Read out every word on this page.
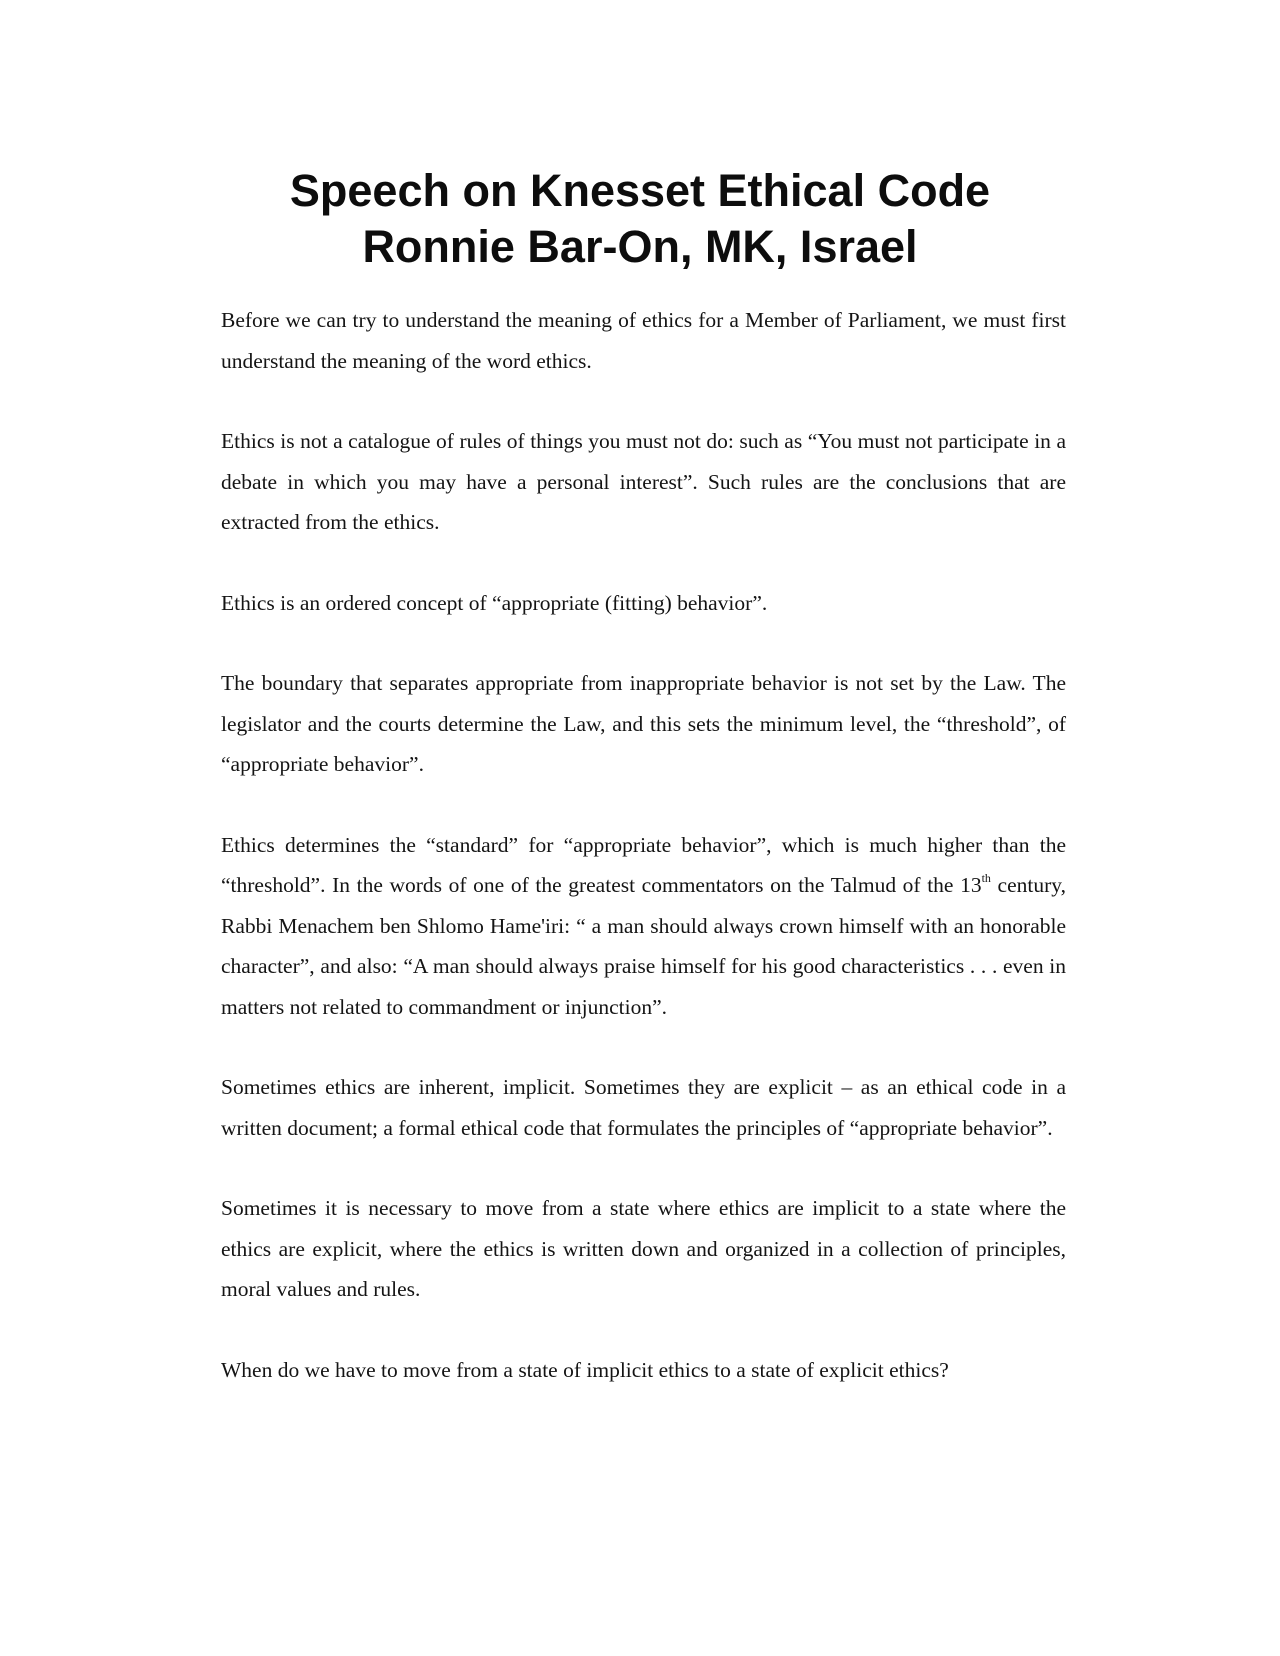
Speech on Knesset Ethical Code
Ronnie Bar-On, MK, Israel

Before we can try to understand the meaning of ethics for a Member of Parliament, we must first understand the meaning of the word ethics.

Ethics is not a catalogue of rules of things you must not do: such as “You must not participate in a debate in which you may have a personal interest”. Such rules are the conclusions that are extracted from the ethics.

Ethics is an ordered concept of “appropriate (fitting) behavior”.

The boundary that separates appropriate from inappropriate behavior is not set by the Law. The legislator and the courts determine the Law, and this sets the minimum level, the “threshold”, of “appropriate behavior”.

Ethics determines the “standard” for “appropriate behavior”, which is much higher than the “threshold”. In the words of one of the greatest commentators on the Talmud of the 13th century, Rabbi Menachem ben Shlomo Hame'iri: “ a man should always crown himself with an honorable character”, and also: “A man should always praise himself for his good characteristics . . . even in matters not related to commandment or injunction”.

Sometimes ethics are inherent, implicit. Sometimes they are explicit – as an ethical code in a written document; a formal ethical code that formulates the principles of “appropriate behavior”.

Sometimes it is necessary to move from a state where ethics are implicit to a state where the ethics are explicit, where the ethics is written down and organized in a collection of principles, moral values and rules.

When do we have to move from a state of implicit ethics to a state of explicit ethics?
